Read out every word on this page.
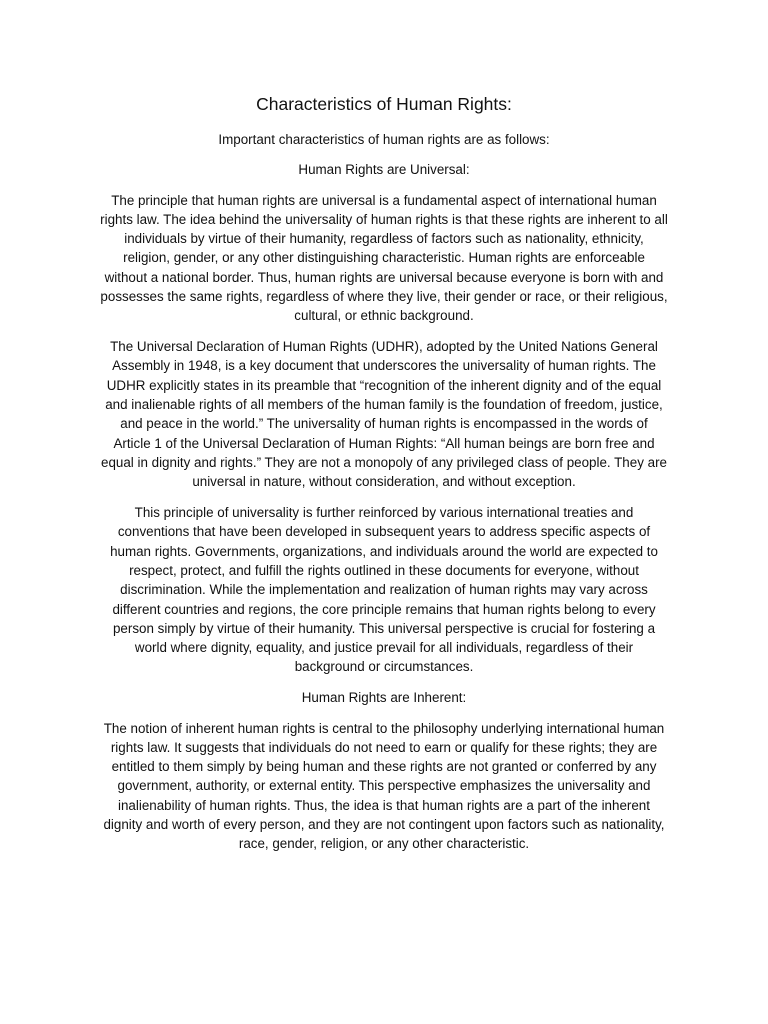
Characteristics of Human Rights:

Important characteristics of human rights are as follows:

Human Rights are Universal:

The principle that human rights are universal is a fundamental aspect of international human
rights law. The idea behind the universality of human rights is that these rights are inherent to all
individuals by virtue of their humanity, regardless of factors such as nationality, ethnicity,
religion, gender, or any other distinguishing characteristic. Human rights are enforceable
without a national border. Thus, human rights are universal because everyone is born with and
possesses the same rights, regardless of where they live, their gender or race, or their religious,
cultural, or ethnic background.

The Universal Declaration of Human Rights (UDHR), adopted by the United Nations General
Assembly in 1948, is a key document that underscores the universality of human rights. The
UDHR explicitly states in its preamble that “recognition of the inherent dignity and of the equal
and inalienable rights of all members of the human family is the foundation of freedom, justice,
and peace in the world.” The universality of human rights is encompassed in the words of
Article 1 of the Universal Declaration of Human Rights: “All human beings are born free and
equal in dignity and rights.” They are not a monopoly of any privileged class of people. They are
universal in nature, without consideration, and without exception.

This principle of universality is further reinforced by various international treaties and
conventions that have been developed in subsequent years to address specific aspects of
human rights. Governments, organizations, and individuals around the world are expected to
respect, protect, and fulfill the rights outlined in these documents for everyone, without
discrimination. While the implementation and realization of human rights may vary across
different countries and regions, the core principle remains that human rights belong to every
person simply by virtue of their humanity. This universal perspective is crucial for fostering a
world where dignity, equality, and justice prevail for all individuals, regardless of their
background or circumstances.

Human Rights are Inherent:

The notion of inherent human rights is central to the philosophy underlying international human
rights law. It suggests that individuals do not need to earn or qualify for these rights; they are
entitled to them simply by being human and these rights are not granted or conferred by any
government, authority, or external entity. This perspective emphasizes the universality and
inalienability of human rights. Thus, the idea is that human rights are a part of the inherent
dignity and worth of every person, and they are not contingent upon factors such as nationality,
race, gender, religion, or any other characteristic.
